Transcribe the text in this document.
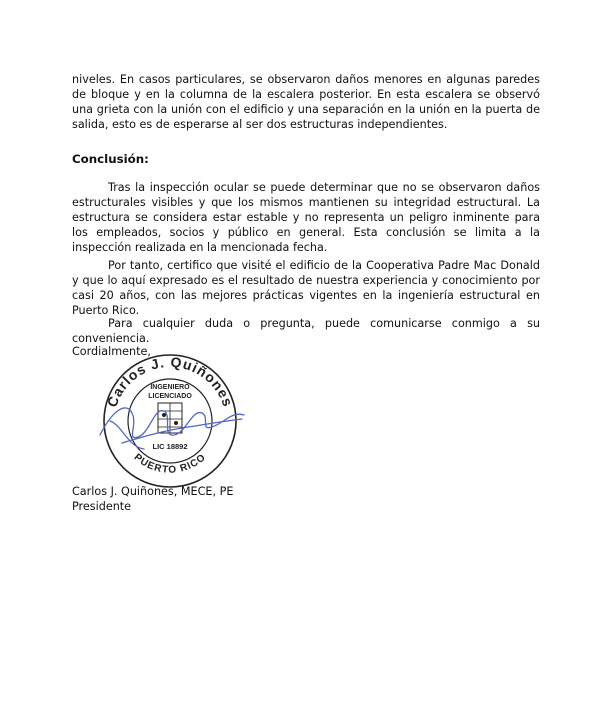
niveles. En casos particulares, se observaron daños menores en algunas paredes de bloque y en la columna de la escalera posterior. En esta escalera se observó una grieta con la unión con el edificio y una separación en la unión en la puerta de salida, esto es de esperarse al ser dos estructuras independientes.

Conclusión:

Tras la inspección ocular se puede determinar que no se observaron daños estructurales visibles y que los mismos mantienen su integridad estructural. La estructura se considera estar estable y no representa un peligro inminente para los empleados, socios y público en general. Esta conclusión se limita a la inspección realizada en la mencionada fecha.

Por tanto, certifico que visité el edificio de la Cooperativa Padre Mac Donald y que lo aquí expresado es el resultado de nuestra experiencia y conocimiento por casi 20 años, con las mejores prácticas vigentes en la ingeniería estructural en Puerto Rico.

Para cualquier duda o pregunta, puede comunicarse conmigo a su conveniencia.

Cordialmente,
Carlos J. Quiñones
PUERTO RICO
INGENIERO
LICENCIADO
LIC 18892
Carlos J. Quiñones, MECE, PE
Presidente
